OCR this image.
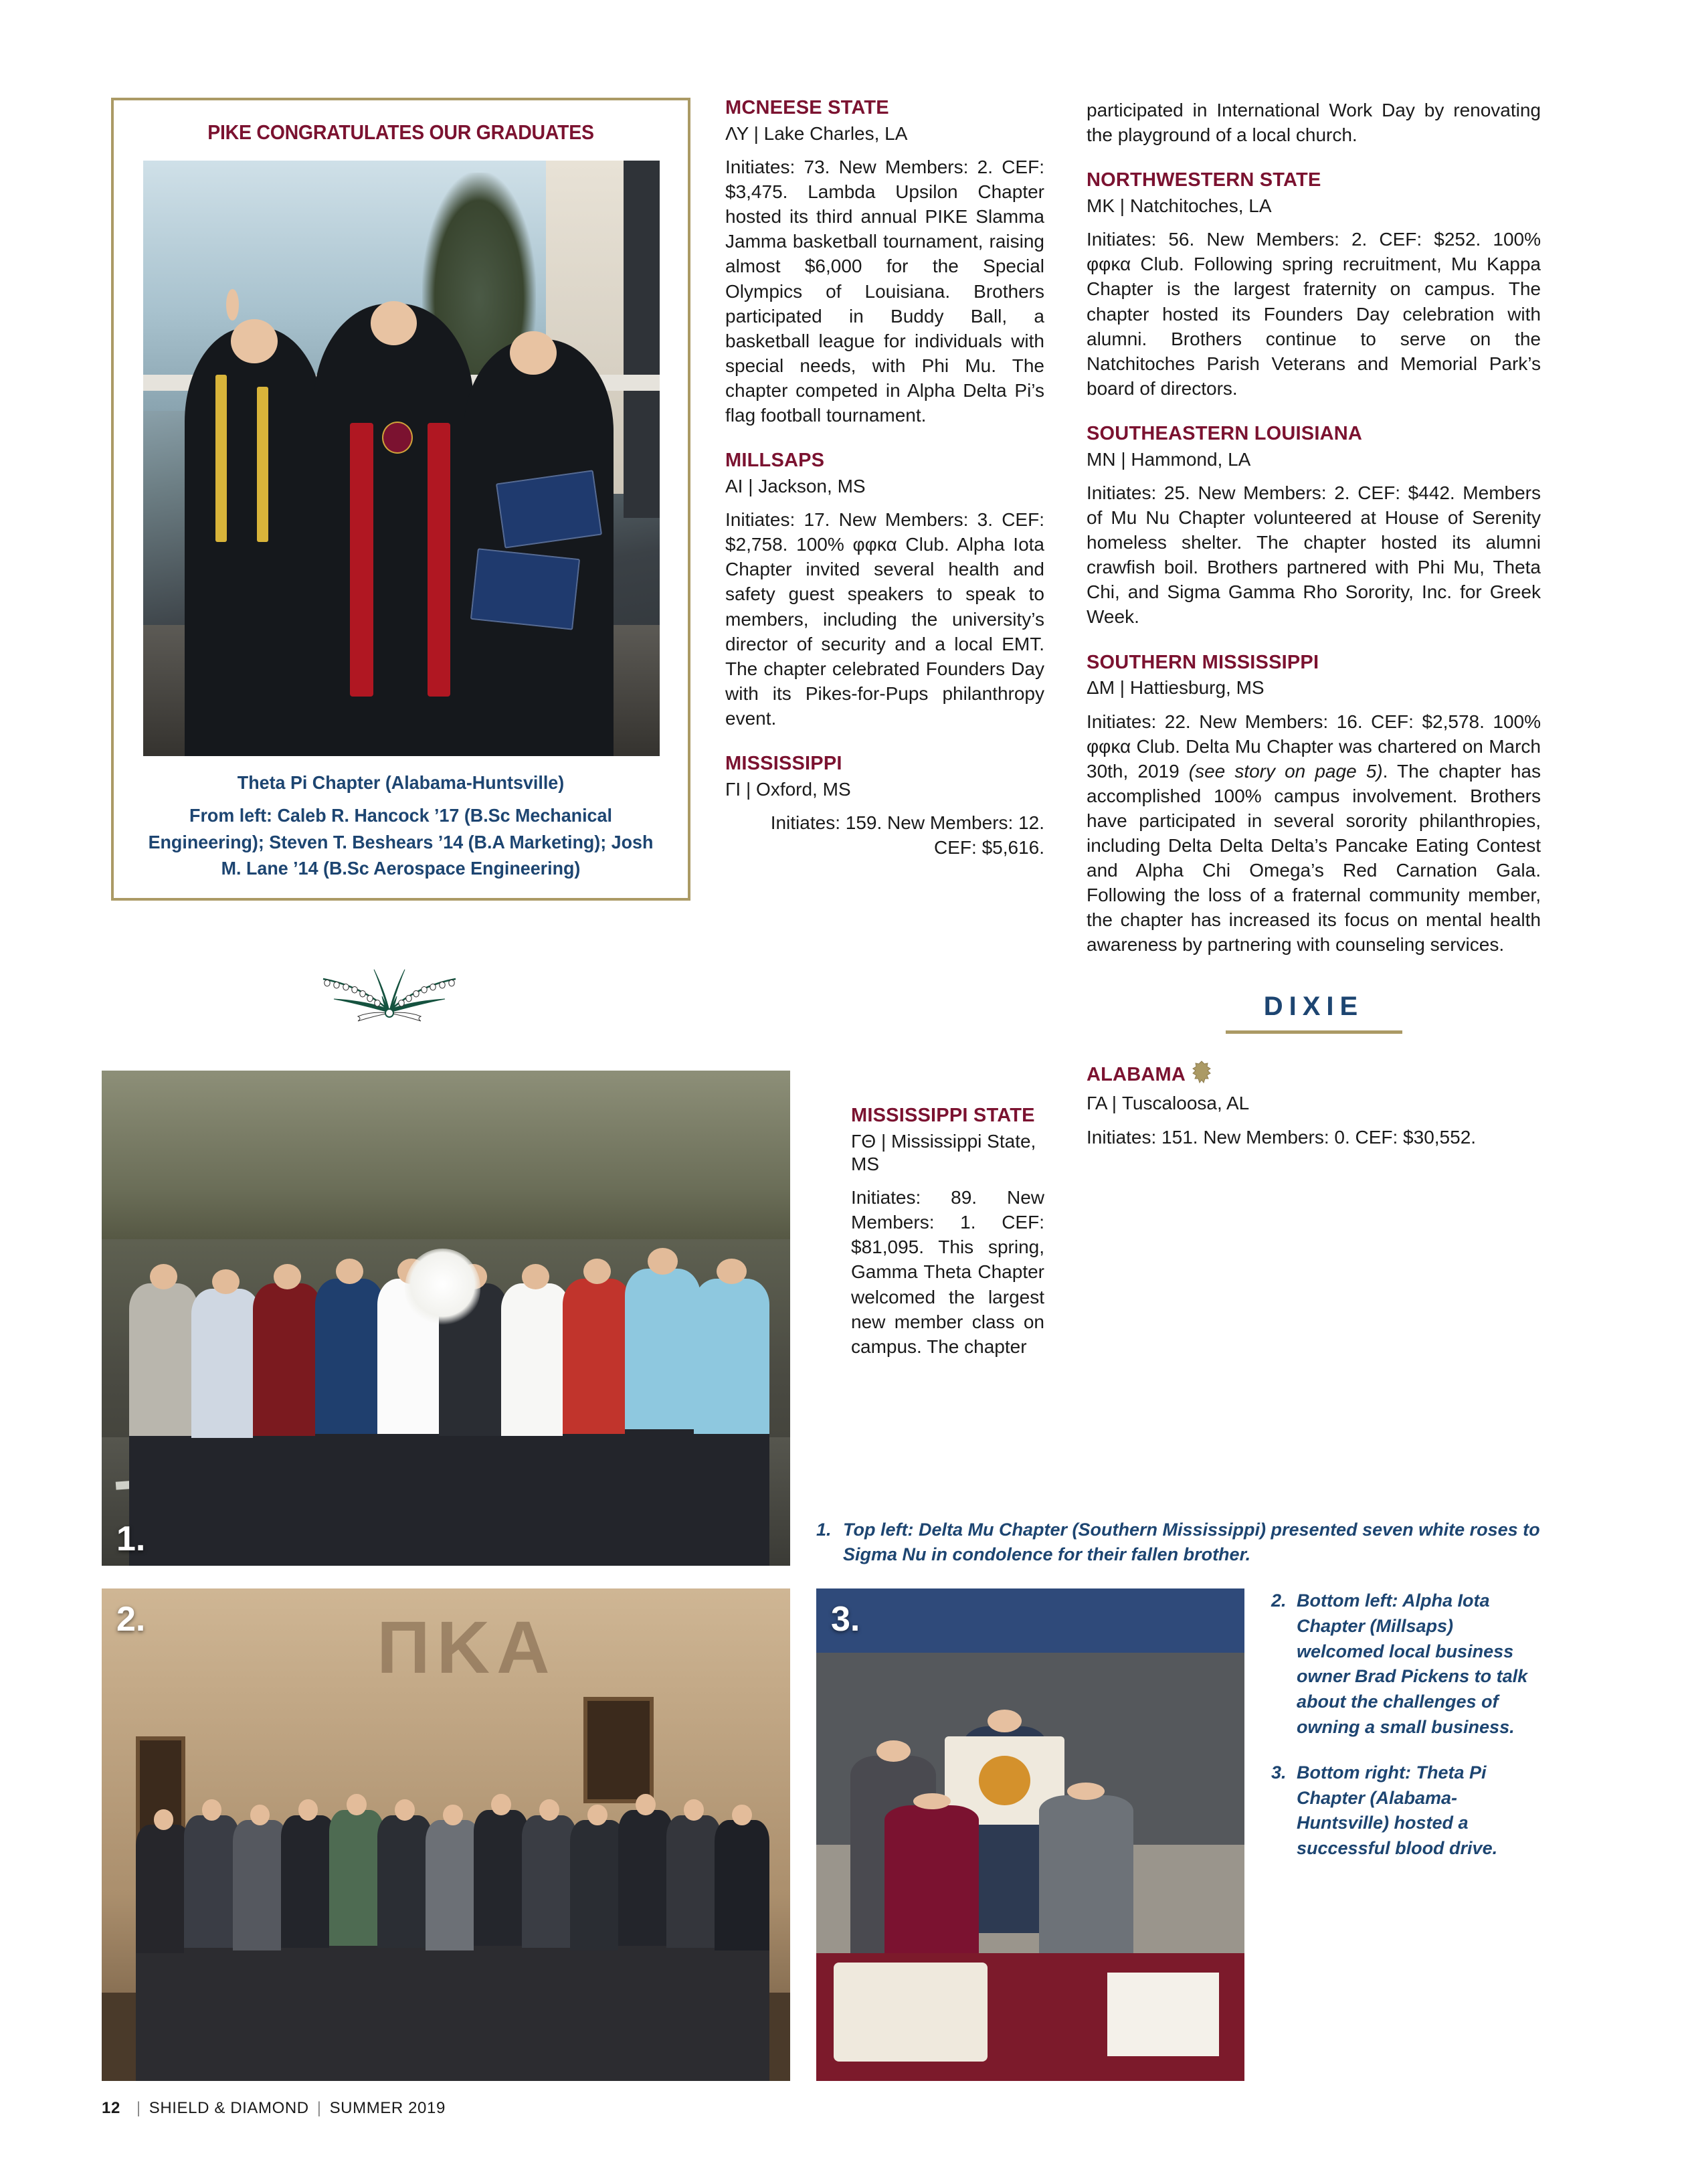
PIKE CONGRATULATES OUR GRADUATES
Theta Pi Chapter (Alabama-Huntsville)
From left: Caleb R. Hancock ’17 (B.Sc Mechanical Engineering); Steven T. Beshears ’14 (B.A Marketing); Josh M. Lane ’14 (B.Sc Aerospace Engineering)
1.
ΠΚΑ
2.	3.
MCNEESE STATE
ΛΥ | Lake Charles, LA
Initiates: 73. New Members: 2. CEF: $3,475. Lambda Upsilon Chapter hosted its third annual PIKE Slamma Jamma basketball tournament, raising almost $6,000 for the Special Olympics of Louisiana. Brothers participated in Buddy Ball, a basketball league for individuals with special needs, with Phi Mu. The chapter competed in Alpha Delta Pi’s flag football tournament.
MILLSAPS
ΑΙ | Jackson, MS
Initiates: 17. New Members: 3. CEF: $2,758. 100% φφκα Club. Alpha Iota Chapter invited several health and safety guest speakers to speak to members, including the university’s director of security and a local EMT. The chapter celebrated Founders Day with its Pikes-for-Pups philanthropy event.
MISSISSIPPI
ΓΙ | Oxford, MS
Initiates: 159. New Members: 12. CEF: $5,616.
MISSISSIPPI STATE
ΓΘ | Mississippi State, MS
Initiates: 89. New Members: 1. CEF: $81,095. This spring, Gamma Theta Chapter welcomed the largest new member class on campus. The chapter
participated in International Work Day by renovating the playground of a local church.
NORTHWESTERN STATE
ΜΚ | Natchitoches, LA
Initiates: 56. New Members: 2. CEF: $252. 100% φφκα Club. Following spring recruitment, Mu Kappa Chapter is the largest fraternity on campus. The chapter hosted its Founders Day celebration with alumni. Brothers continue to serve on the Natchitoches Parish Veterans and Memorial Park’s board of directors.
SOUTHEASTERN LOUISIANA
ΜΝ | Hammond, LA
Initiates: 25. New Members: 2. CEF: $442. Members of Mu Nu Chapter volunteered at House of Serenity homeless shelter. The chapter hosted its alumni crawfish boil. Brothers partnered with Phi Mu, Theta Chi, and Sigma Gamma Rho Sorority, Inc. for Greek Week.
SOUTHERN MISSISSIPPI
ΔΜ | Hattiesburg, MS
Initiates: 22. New Members: 16. CEF: $2,578. 100% φφκα Club. Delta Mu Chapter was chartered on March 30th, 2019 (see story on page 5). The chapter has accomplished 100% campus involvement. Brothers have participated in several sorority philanthropies, including Delta Delta Delta’s Pancake Eating Contest and Alpha Chi Omega’s Red Carnation Gala. Following the loss of a fraternal community member, the chapter has increased its focus on mental health awareness by partnering with counseling services.
DIXIE
ALABAMA
ΓΑ | Tuscaloosa, AL
Initiates: 151. New Members: 0. CEF: $30,552.
1. Top left: Delta Mu Chapter (Southern Mississippi) presented seven white roses to Sigma Nu in condolence for their fallen brother.
2. Bottom left: Alpha Iota Chapter (Millsaps) welcomed local business owner Brad Pickens to talk about the challenges of owning a small business.
3. Bottom right: Theta Pi Chapter (Alabama-Huntsville) hosted a successful blood drive.
12 | SHIELD & DIAMOND | SUMMER 2019
